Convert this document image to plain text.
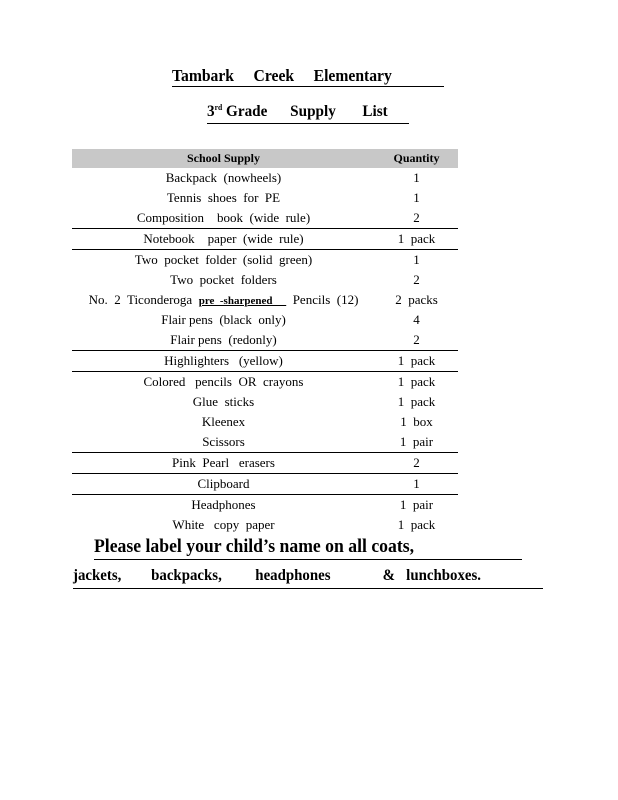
Tambark     Creek     Elementary
3rd Grade      Supply       List
School Supply	Quantity
Backpack  (nowheels)	1
Tennis  shoes  for  PE	1
Composition    book  (wide  rule)	2
Notebook    paper  (wide  rule)	1  pack
Two  pocket  folder  (solid  green)	1
Two  pocket  folders	2
No.  2  Ticonderoga  pre  -sharpened       Pencils  (12)	2  packs
Flair pens  (black  only)	4
Flair pens  (redonly)	2
Highlighters   (yellow)	1  pack
Colored   pencils  OR  crayons	1  pack
Glue  sticks	1  pack
Kleenex	1  box
Scissors	1  pair
Pink  Pearl   erasers	2
Clipboard	1
Headphones	1  pair
White   copy  paper	1  pack
Please label your child’s name on all coats,
jackets,        backpacks,         headphones              &   lunchboxes.
